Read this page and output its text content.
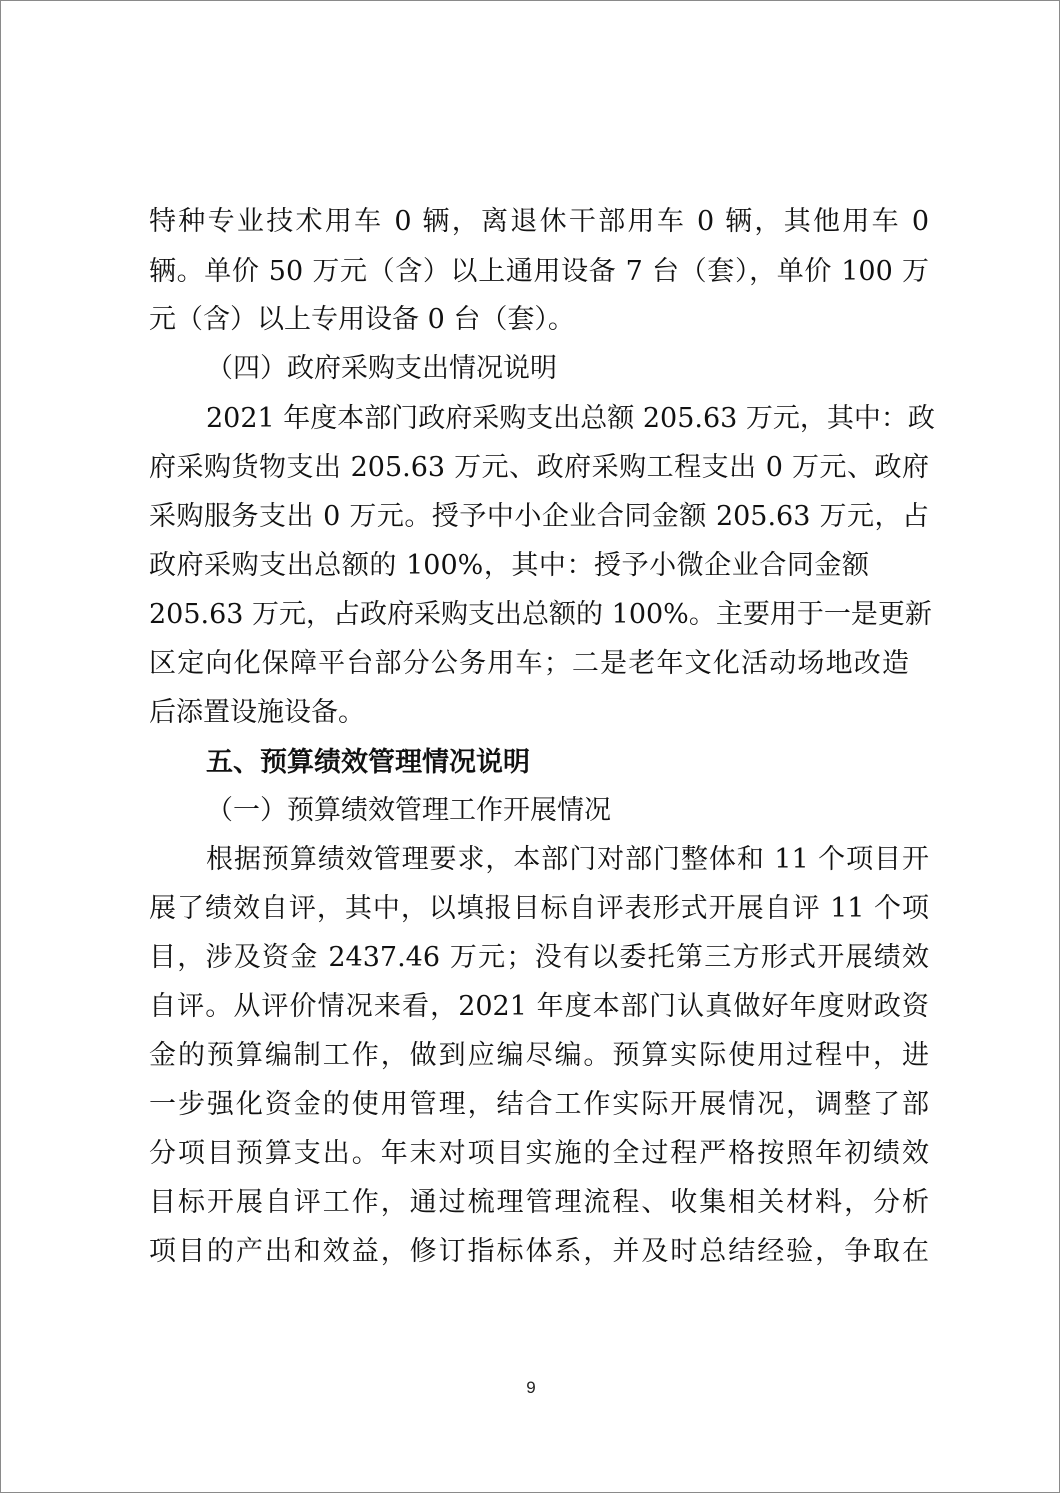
特种专业技术用车 0 辆，离退休干部用车 0 辆，其他用车 0
辆。单价 50 万元（含）以上通用设备 7 台（套），单价 100 万
元（含）以上专用设备 0 台（套）。
（四）政府采购支出情况说明
2021 年度本部门政府采购支出总额 205.63 万元，其中：政
府采购货物支出 205.63 万元、政府采购工程支出 0 万元、政府
采购服务支出 0 万元。授予中小企业合同金额 205.63 万元，占
政府采购支出总额的 100%，其中：授予小微企业合同金额
205.63 万元，占政府采购支出总额的 100%。主要用于一是更新
区定向化保障平台部分公务用车；二是老年文化活动场地改造
后添置设施设备。
五、预算绩效管理情况说明
（一）预算绩效管理工作开展情况
根据预算绩效管理要求，本部门对部门整体和 11 个项目开
展了绩效自评，其中，以填报目标自评表形式开展自评 11 个项
目，涉及资金 2437.46 万元；没有以委托第三方形式开展绩效
自评。从评价情况来看，2021 年度本部门认真做好年度财政资
金的预算编制工作，做到应编尽编。预算实际使用过程中，进
一步强化资金的使用管理，结合工作实际开展情况，调整了部
分项目预算支出。年末对项目实施的全过程严格按照年初绩效
目标开展自评工作，通过梳理管理流程、收集相关材料，分析
项目的产出和效益，修订指标体系，并及时总结经验，争取在
9
